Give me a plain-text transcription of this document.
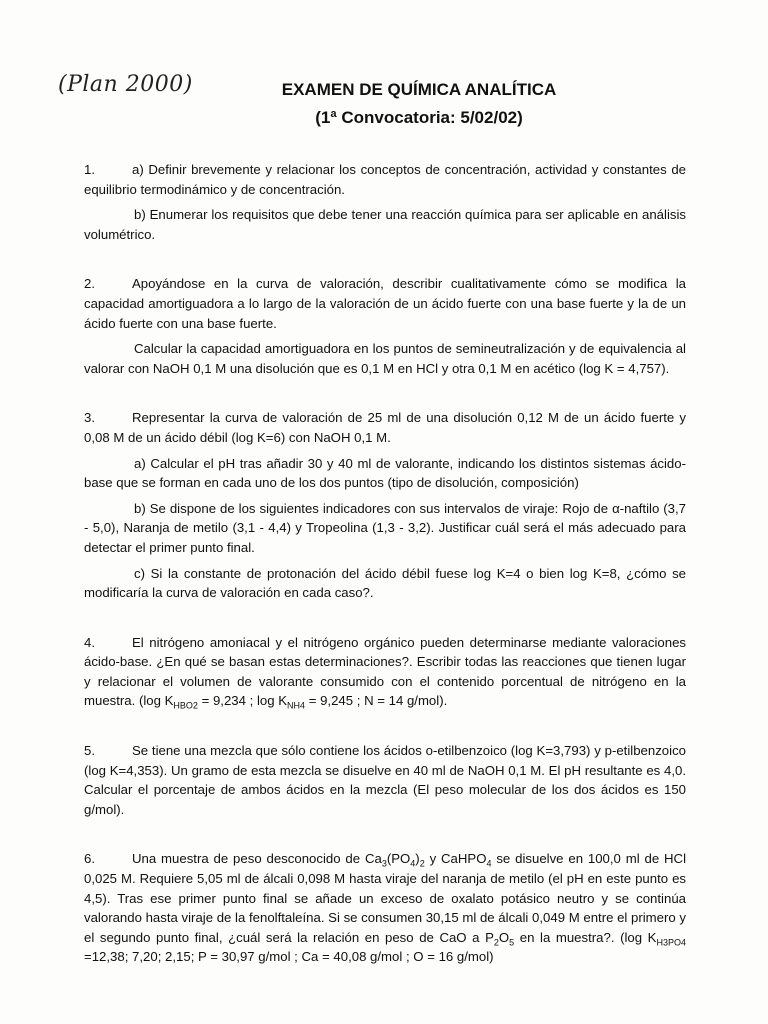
(Plan 2000)	EXAMEN DE QUÍMICA ANALÍTICA
(1ª Convocatoria: 5/02/02)
1.	a) Definir brevemente y relacionar los conceptos de concentración, actividad y constantes de equilibrio termodinámico y de concentración.
b) Enumerar los requisitos que debe tener una reacción química para ser aplicable en análisis volumétrico.
2.	Apoyándose en la curva de valoración, describir cualitativamente cómo se modifica la capacidad amortiguadora a lo largo de la valoración de un ácido fuerte con una base fuerte y la de un ácido fuerte con una base fuerte.
Calcular la capacidad amortiguadora en los puntos de semineutralización y de equivalencia al valorar con NaOH 0,1 M una disolución que es 0,1 M en HCl y otra 0,1 M en acético (log K = 4,757).
3.	Representar la curva de valoración de 25 ml de una disolución 0,12 M de un ácido fuerte y 0,08 M de un ácido débil (log K=6) con NaOH 0,1 M.
a) Calcular el pH tras añadir 30 y 40 ml de valorante, indicando los distintos sistemas ácido-base que se forman en cada uno de los dos puntos (tipo de disolución, composición)
b) Se dispone de los siguientes indicadores con sus intervalos de viraje: Rojo de α-naftilo (3,7 - 5,0), Naranja de metilo (3,1 - 4,4) y Tropeolina (1,3 - 3,2). Justificar cuál será el más adecuado para detectar el primer punto final.
c) Si la constante de protonación del ácido débil fuese log K=4 o bien log K=8, ¿cómo se modificaría la curva de valoración en cada caso?.
4.	El nitrógeno amoniacal y el nitrógeno orgánico pueden determinarse mediante valoraciones ácido-base. ¿En qué se basan estas determinaciones?. Escribir todas las reacciones que tienen lugar y relacionar el volumen de valorante consumido con el contenido porcentual de nitrógeno en la muestra. (log $K_{HBO2} = 9,234$ ; $\log K_{NH4} = 9,245$ ; N = 14 g/mol).
5.	Se tiene una mezcla que sólo contiene los ácidos o-etilbenzoico (log K=3,793) y p-etilbenzoico (log K=4,353). Un gramo de esta mezcla se disuelve en 40 ml de NaOH 0,1 M. El pH resultante es 4,0. Calcular el porcentaje de ambos ácidos en la mezcla (El peso molecular de los dos ácidos es 150 g/mol).
6.	Una muestra de peso desconocido de $Ca_3(PO_4)_2$ y CaHPO$_4$ se disuelve en 100,0 ml de HCl 0,025 M. Requiere 5,05 ml de álcali 0,098 M hasta viraje del naranja de metilo (el pH en este punto es 4,5). Tras ese primer punto final se añade un exceso de oxalato potásico neutro y se continúa valorando hasta viraje de la fenolftaleína. Si se consumen 30,15 ml de álcali 0,049 M entre el primero y el segundo punto final, ¿cuál será la relación en peso de CaO a $P_2O_5$ en la muestra?. (log $K_{H3PO4} =12,38$; 7,20; 2,15; P = 30,97 g/mol ; Ca = 40,08 g/mol ; O = 16 g/mol)
